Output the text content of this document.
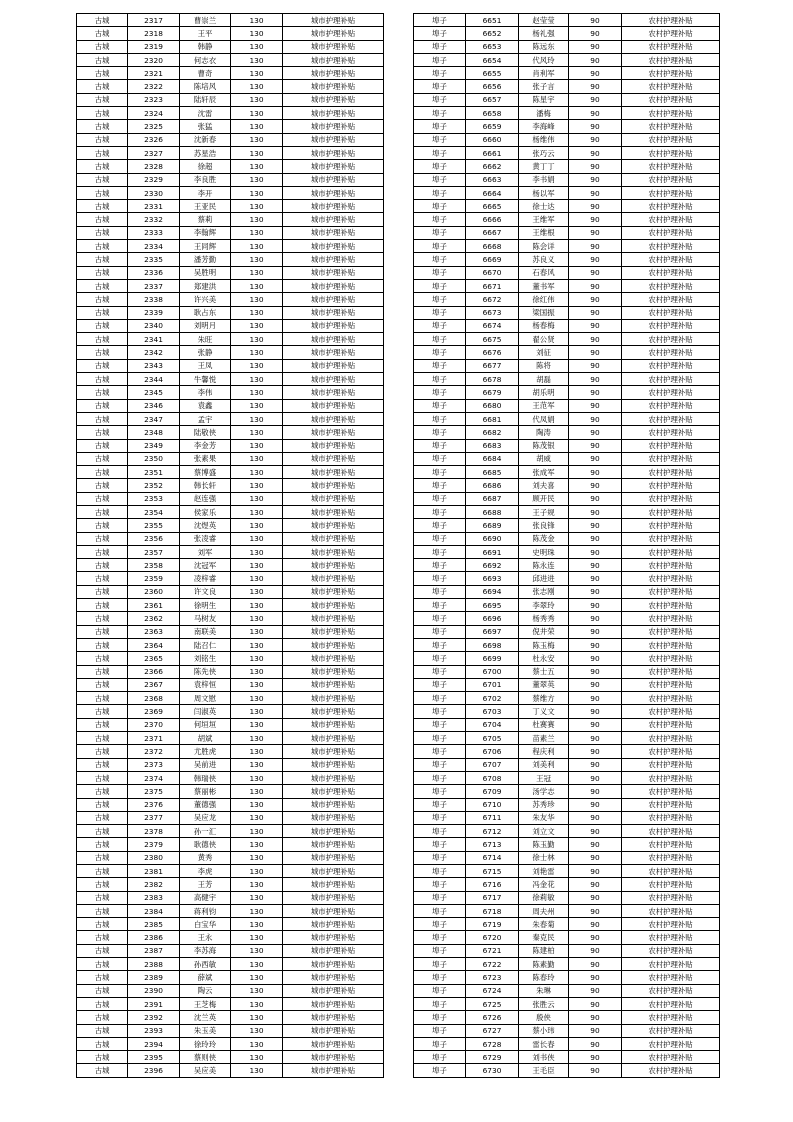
古城	2317	曹崇兰	130	城市护理补贴
古城	2318	王平	130	城市护理补贴
古城	2319	韩静	130	城市护理补贴
古城	2320	何志衣	130	城市护理补贴
古城	2321	曹奇	130	城市护理补贴
古城	2322	陈培风	130	城市护理补贴
古城	2323	陆轩辰	130	城市护理补贴
古城	2324	沈雷	130	城市护理补贴
古城	2325	张猛	130	城市护理补贴
古城	2326	沈新春	130	城市护理补贴
古城	2327	苏星浩	130	城市护理补贴
古城	2328	徐超	130	城市护理补贴
古城	2329	李良胜	130	城市护理补贴
古城	2330	李开	130	城市护理补贴
古城	2331	王亚民	130	城市护理补贴
古城	2332	蔡莉	130	城市护理补贴
古城	2333	李翰辉	130	城市护理补贴
古城	2334	王同辉	130	城市护理补贴
古城	2335	潘芳勤	130	城市护理补贴
古城	2336	吴胜明	130	城市护理补贴
古城	2337	郑建洪	130	城市护理补贴
古城	2338	许兴美	130	城市护理补贴
古城	2339	耿占东	130	城市护理补贴
古城	2340	刘明月	130	城市护理补贴
古城	2341	朱旺	130	城市护理补贴
古城	2342	张静	130	城市护理补贴
古城	2343	王凤	130	城市护理补贴
古城	2344	牛馨悦	130	城市护理补贴
古城	2345	李伟	130	城市护理补贴
古城	2346	袁鑫	130	城市护理补贴
古城	2347	孟宇	130	城市护理补贴
古城	2348	陆敬侠	130	城市护理补贴
古城	2349	李金芳	130	城市护理补贴
古城	2350	张素果	130	城市护理补贴
古城	2351	蔡博盛	130	城市护理补贴
古城	2352	韩长轩	130	城市护理补贴
古城	2353	赵连强	130	城市护理补贴
古城	2354	侯家乐	130	城市护理补贴
古城	2355	沈煜英	130	城市护理补贴
古城	2356	张凌睿	130	城市护理补贴
古城	2357	刘军	130	城市护理补贴
古城	2358	沈冠军	130	城市护理补贴
古城	2359	凌梓睿	130	城市护理补贴
古城	2360	许文良	130	城市护理补贴
古城	2361	徐明生	130	城市护理补贴
古城	2362	马树友	130	城市护理补贴
古城	2363	南联美	130	城市护理补贴
古城	2364	陆召仁	130	城市护理补贴
古城	2365	刘铭生	130	城市护理补贴
古城	2366	陈先侠	130	城市护理补贴
古城	2367	袁梓恒	130	城市护理补贴
古城	2368	周文慰	130	城市护理补贴
古城	2369	闫淑英	130	城市护理补贴
古城	2370	何垣垣	130	城市护理补贴
古城	2371	胡斌	130	城市护理补贴
古城	2372	尤胜虎	130	城市护理补贴
古城	2373	吴前进	130	城市护理补贴
古城	2374	韩瑞侠	130	城市护理补贴
古城	2375	蔡丽彬	130	城市护理补贴
古城	2376	董德强	130	城市护理补贴
古城	2377	吴应龙	130	城市护理补贴
古城	2378	孙一汇	130	城市护理补贴
古城	2379	耿德侠	130	城市护理补贴
古城	2380	黄秀	130	城市护理补贴
古城	2381	李虎	130	城市护理补贴
古城	2382	王芳	130	城市护理补贴
古城	2383	高健宇	130	城市护理补贴
古城	2384	蒋利钧	130	城市护理补贴
古城	2385	白宝华	130	城市护理补贴
古城	2386	王永	130	城市护理补贴
古城	2387	李苏海	130	城市护理补贴
古城	2388	孙西敏	130	城市护理补贴
古城	2389	薛斌	130	城市护理补贴
古城	2390	陶云	130	城市护理补贴
古城	2391	王芝梅	130	城市护理补贴
古城	2392	沈兰英	130	城市护理补贴
古城	2393	朱玉美	130	城市护理补贴
古城	2394	徐玲玲	130	城市护理补贴
古城	2395	蔡则侠	130	城市护理补贴
古城	2396	吴应美	130	城市护理补贴
埠子	6651	赵莹莹	90	农村护理补贴
埠子	6652	杨礼强	90	农村护理补贴
埠子	6653	陈远东	90	农村护理补贴
埠子	6654	代风玲	90	农村护理补贴
埠子	6655	肖利军	90	农村护理补贴
埠子	6656	张子言	90	农村护理补贴
埠子	6657	陈星宇	90	农村护理补贴
埠子	6658	潘梅	90	农村护理补贴
埠子	6659	李海峰	90	农村护理补贴
埠子	6660	杨维伟	90	农村护理补贴
埠子	6661	张巧云	90	农村护理补贴
埠子	6662	黄丁丁	90	农村护理补贴
埠子	6663	李书娟	90	农村护理补贴
埠子	6664	杨以军	90	农村护理补贴
埠子	6665	徐士达	90	农村护理补贴
埠子	6666	王维军	90	农村护理补贴
埠子	6667	王维根	90	农村护理补贴
埠子	6668	陈会详	90	农村护理补贴
埠子	6669	苏良义	90	农村护理补贴
埠子	6670	石春风	90	农村护理补贴
埠子	6671	董书军	90	农村护理补贴
埠子	6672	徐红伟	90	农村护理补贴
埠子	6673	梁国振	90	农村护理补贴
埠子	6674	杨春梅	90	农村护理补贴
埠子	6675	翟公贤	90	农村护理补贴
埠子	6676	刘征	90	农村护理补贴
埠子	6677	陈将	90	农村护理补贴
埠子	6678	胡磊	90	农村护理补贴
埠子	6679	胡乐明	90	农村护理补贴
埠子	6680	王范军	90	农村护理补贴
埠子	6681	代凤娟	90	农村护理补贴
埠子	6682	陶涛	90	农村护理补贴
埠子	6683	陈茂银	90	农村护理补贴
埠子	6684	胡威	90	农村护理补贴
埠子	6685	张成军	90	农村护理补贴
埠子	6686	刘夫喜	90	农村护理补贴
埠子	6687	顾开民	90	农村护理补贴
埠子	6688	王子规	90	农村护理补贴
埠子	6689	张良锋	90	农村护理补贴
埠子	6690	陈茂金	90	农村护理补贴
埠子	6691	史明珠	90	农村护理补贴
埠子	6692	陈永连	90	农村护理补贴
埠子	6693	邱进进	90	农村护理补贴
埠子	6694	张志刚	90	农村护理补贴
埠子	6695	李翠玲	90	农村护理补贴
埠子	6696	杨秀秀	90	农村护理补贴
埠子	6697	倪井荣	90	农村护理补贴
埠子	6698	陈玉梅	90	农村护理补贴
埠子	6699	杜永安	90	农村护理补贴
埠子	6700	蔡士五	90	农村护理补贴
埠子	6701	董翠英	90	农村护理补贴
埠子	6702	蔡维方	90	农村护理补贴
埠子	6703	丁义文	90	农村护理补贴
埠子	6704	杜赛赛	90	农村护理补贴
埠子	6705	苗素兰	90	农村护理补贴
埠子	6706	程庆利	90	农村护理补贴
埠子	6707	刘美利	90	农村护理补贴
埠子	6708	王冠	90	农村护理补贴
埠子	6709	汤学志	90	农村护理补贴
埠子	6710	苏秀珍	90	农村护理补贴
埠子	6711	朱友华	90	农村护理补贴
埠子	6712	刘立文	90	农村护理补贴
埠子	6713	陈玉勤	90	农村护理补贴
埠子	6714	徐士林	90	农村护理补贴
埠子	6715	刘艳雷	90	农村护理补贴
埠子	6716	冯金花	90	农村护理补贴
埠子	6717	徐莉敏	90	农村护理补贴
埠子	6718	周夫州	90	农村护理补贴
埠子	6719	朱春菊	90	农村护理补贴
埠子	6720	秦克民	90	农村护理补贴
埠子	6721	陈建柏	90	农村护理补贴
埠子	6722	陈素勤	90	农村护理补贴
埠子	6723	陈春玲	90	农村护理补贴
埠子	6724	朱琳	90	农村护理补贴
埠子	6725	张胜云	90	农村护理补贴
埠子	6726	殷侠	90	农村护理补贴
埠子	6727	蔡小玮	90	农村护理补贴
埠子	6728	雷长春	90	农村护理补贴
埠子	6729	刘书侠	90	农村护理补贴
埠子	6730	王毛臣	90	农村护理补贴
